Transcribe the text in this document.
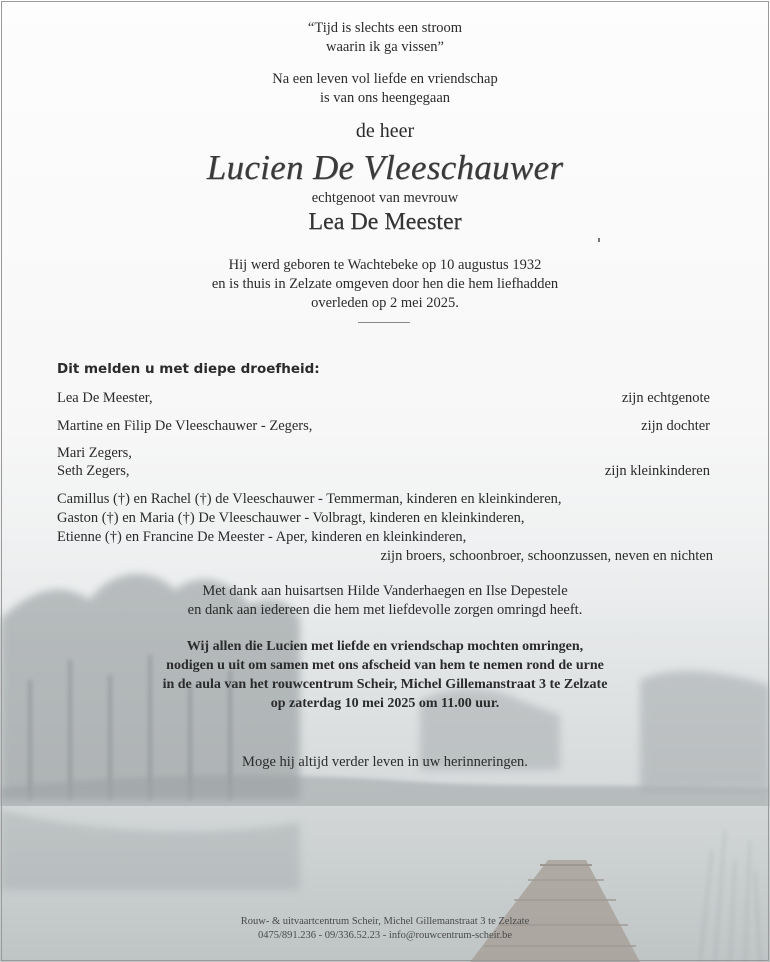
“Tijd is slechts een stroom
waarin ik ga vissen”
Na een leven vol liefde en vriendschap
is van ons heengegaan
de heer
Lucien De Vleeschauwer
echtgenoot van mevrouw
Lea De Meester
Hij werd geboren te Wachtebeke op 10 augustus 1932
en is thuis in Zelzate omgeven door hen die hem liefhadden
overleden op 2 mei 2025.
Dit melden u met diepe droefheid:
Lea De Meester,	zijn echtgenote
Martine en Filip De Vleeschauwer - Zegers,	zijn dochter
Mari Zegers,
Seth Zegers,	zijn kleinkinderen
Camillus (†) en Rachel (†) de Vleeschauwer - Temmerman, kinderen en kleinkinderen,
Gaston (†) en Maria (†) De Vleeschauwer - Volbragt, kinderen en kleinkinderen,
Etienne (†) en Francine De Meester - Aper, kinderen en kleinkinderen,
zijn broers, schoonbroer, schoonzussen, neven en nichten
Met dank aan huisartsen Hilde Vanderhaegen en Ilse Depestele
en dank aan iedereen die hem met liefdevolle zorgen omringd heeft.
Wij allen die Lucien met liefde en vriendschap mochten omringen,
nodigen u uit om samen met ons afscheid van hem te nemen rond de urne
in de aula van het rouwcentrum Scheir, Michel Gillemanstraat 3 te Zelzate
op zaterdag 10 mei 2025 om 11.00 uur.
Moge hij altijd verder leven in uw herinneringen.
Rouw- & uitvaartcentrum Scheir, Michel Gillemanstraat 3 te Zelzate
0475/891.236 - 09/336.52.23 - info@rouwcentrum-scheir.be
